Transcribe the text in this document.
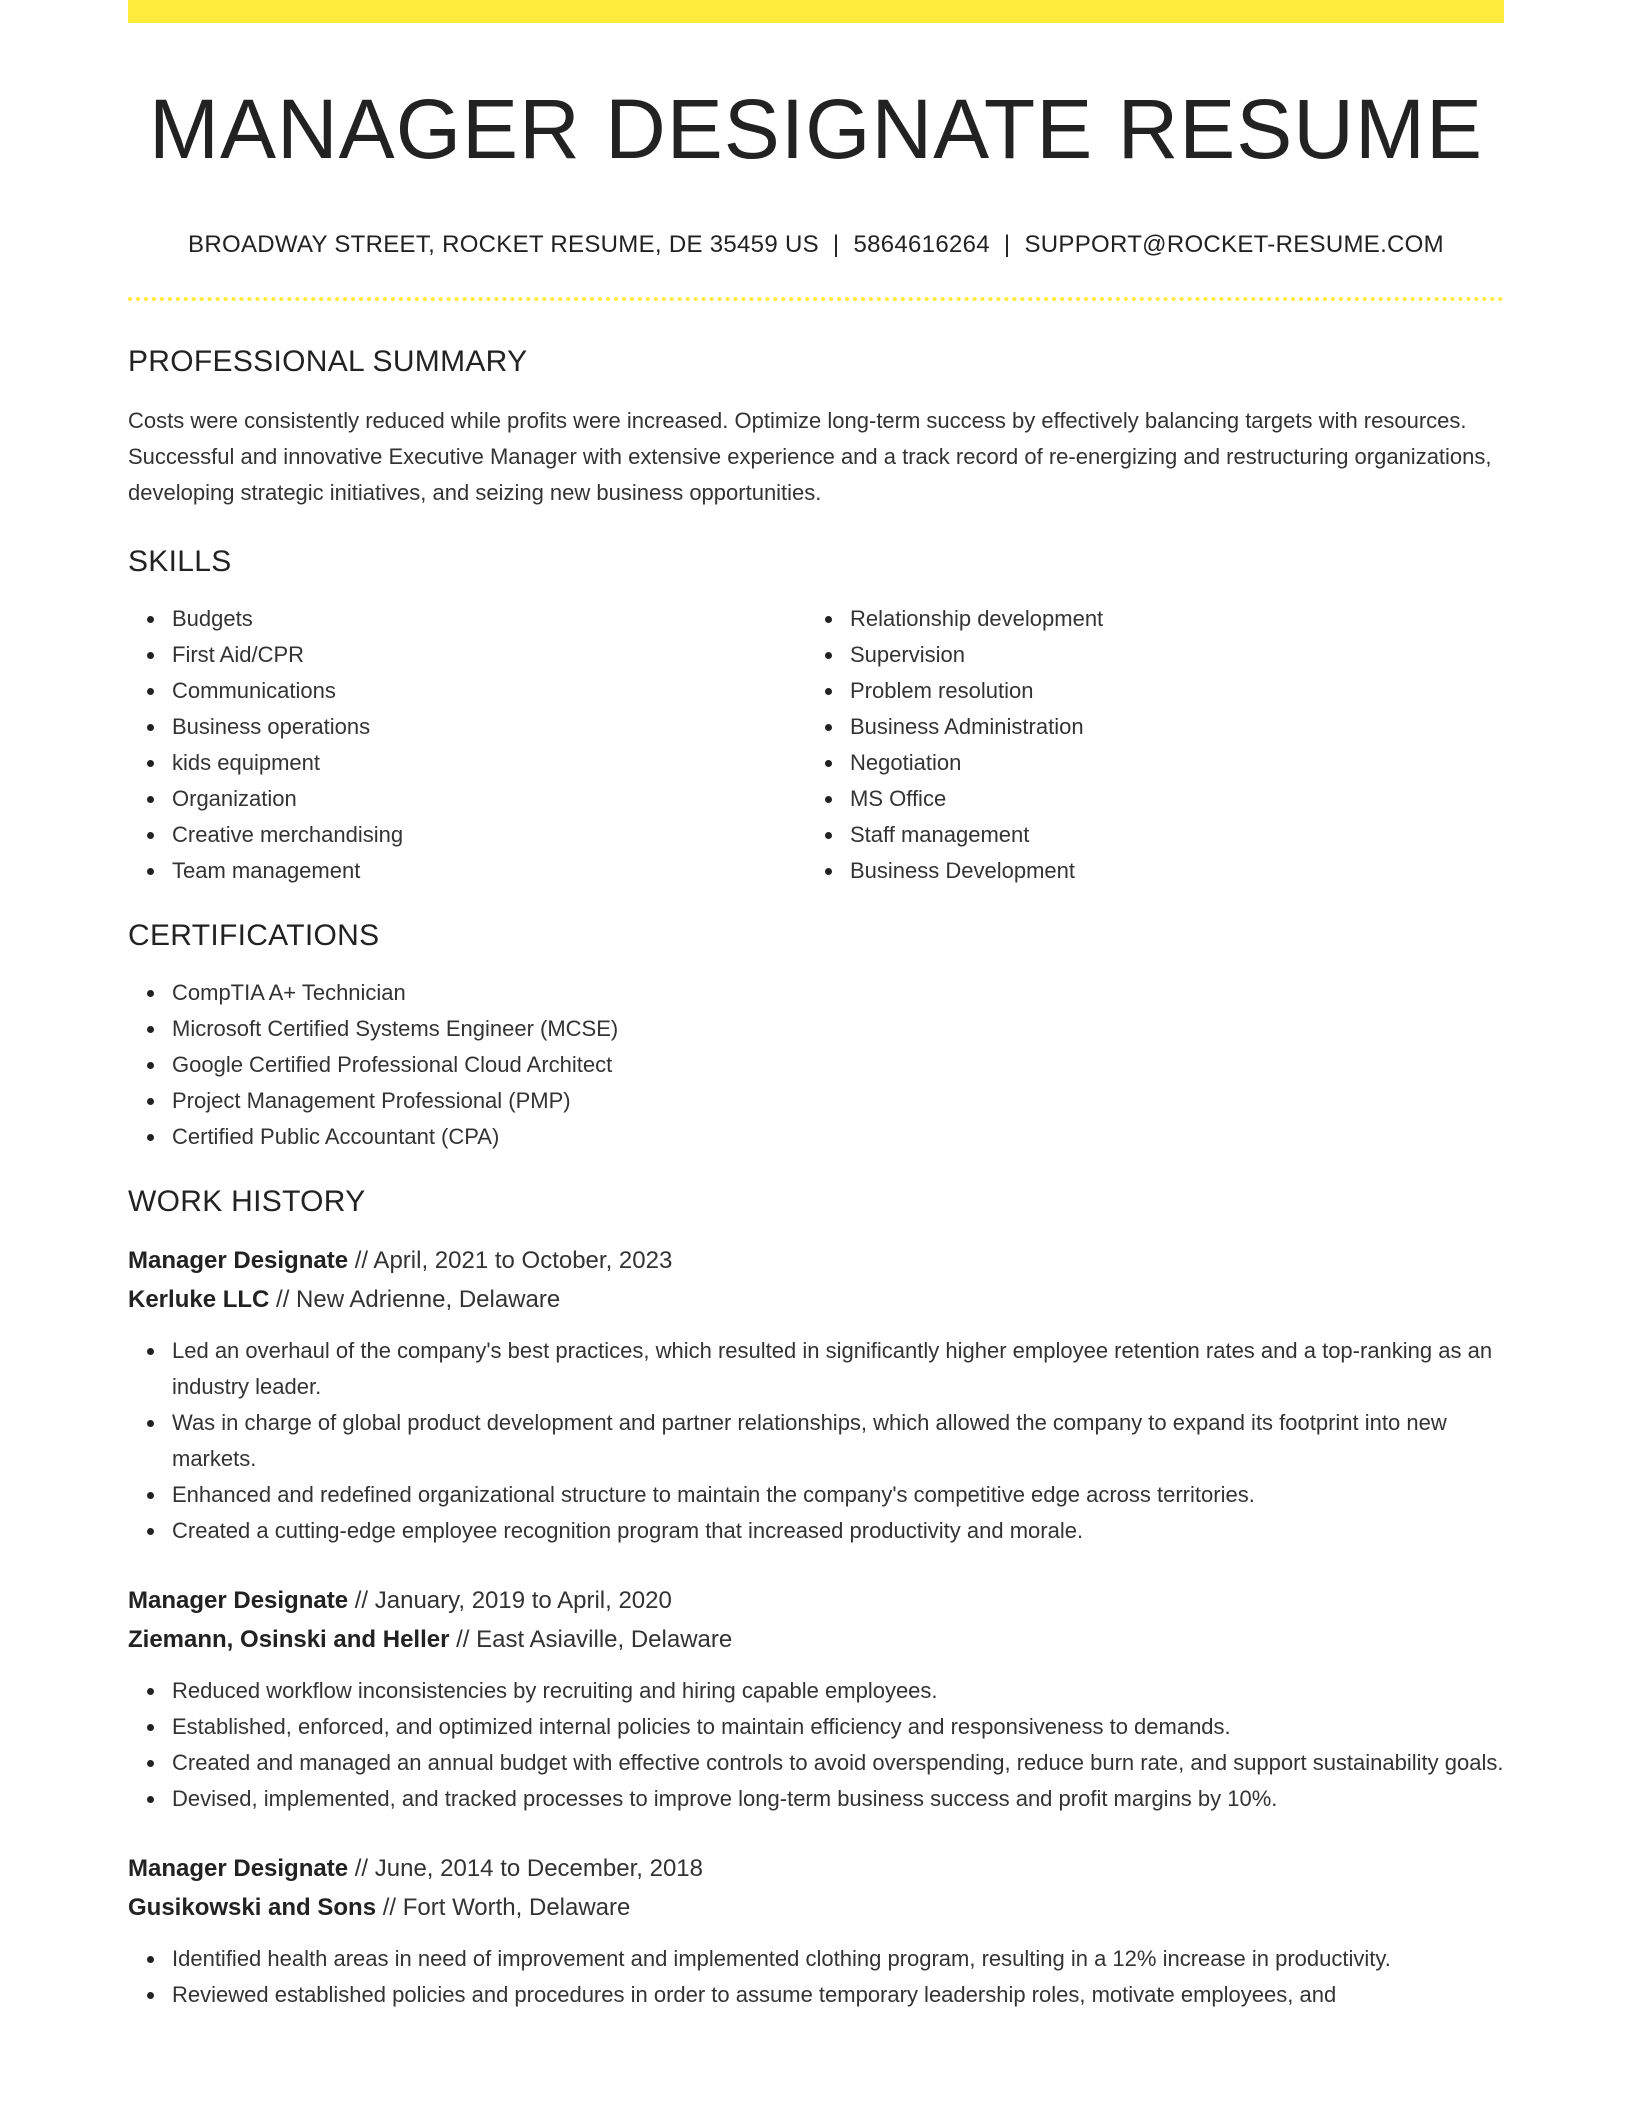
MANAGER DESIGNATE RESUME
BROADWAY STREET, ROCKET RESUME, DE 35459 US | 5864616264 | SUPPORT@ROCKET-RESUME.COM
PROFESSIONAL SUMMARY

Costs were consistently reduced while profits were increased. Optimize long-term success by effectively balancing targets with resources. Successful and innovative Executive Manager with extensive experience and a track record of re-energizing and restructuring organizations, developing strategic initiatives, and seizing new business opportunities.

SKILLS
Budgets
First Aid/CPR
Communications
Business operations
kids equipment
Organization
Creative merchandising
Team management
Relationship development
Supervision
Problem resolution
Business Administration
Negotiation
MS Office
Staff management
Business Development
CERTIFICATIONS
CompTIA A+ Technician
Microsoft Certified Systems Engineer (MCSE)
Google Certified Professional Cloud Architect
Project Management Professional (PMP)
Certified Public Accountant (CPA)
WORK HISTORY
Manager Designate // April, 2021 to October, 2023
Kerluke LLC // New Adrienne, Delaware
Led an overhaul of the company's best practices, which resulted in significantly higher employee retention rates and a top-ranking as an industry leader.
Was in charge of global product development and partner relationships, which allowed the company to expand its footprint into new markets.
Enhanced and redefined organizational structure to maintain the company's competitive edge across territories.
Created a cutting-edge employee recognition program that increased productivity and morale.
Manager Designate // January, 2019 to April, 2020
Ziemann, Osinski and Heller // East Asiaville, Delaware
Reduced workflow inconsistencies by recruiting and hiring capable employees.
Established, enforced, and optimized internal policies to maintain efficiency and responsiveness to demands.
Created and managed an annual budget with effective controls to avoid overspending, reduce burn rate, and support sustainability goals.
Devised, implemented, and tracked processes to improve long-term business success and profit margins by 10%.
Manager Designate // June, 2014 to December, 2018
Gusikowski and Sons // Fort Worth, Delaware
Identified health areas in need of improvement and implemented clothing program, resulting in a 12% increase in productivity.
Reviewed established policies and procedures in order to assume temporary leadership roles, motivate employees, and
